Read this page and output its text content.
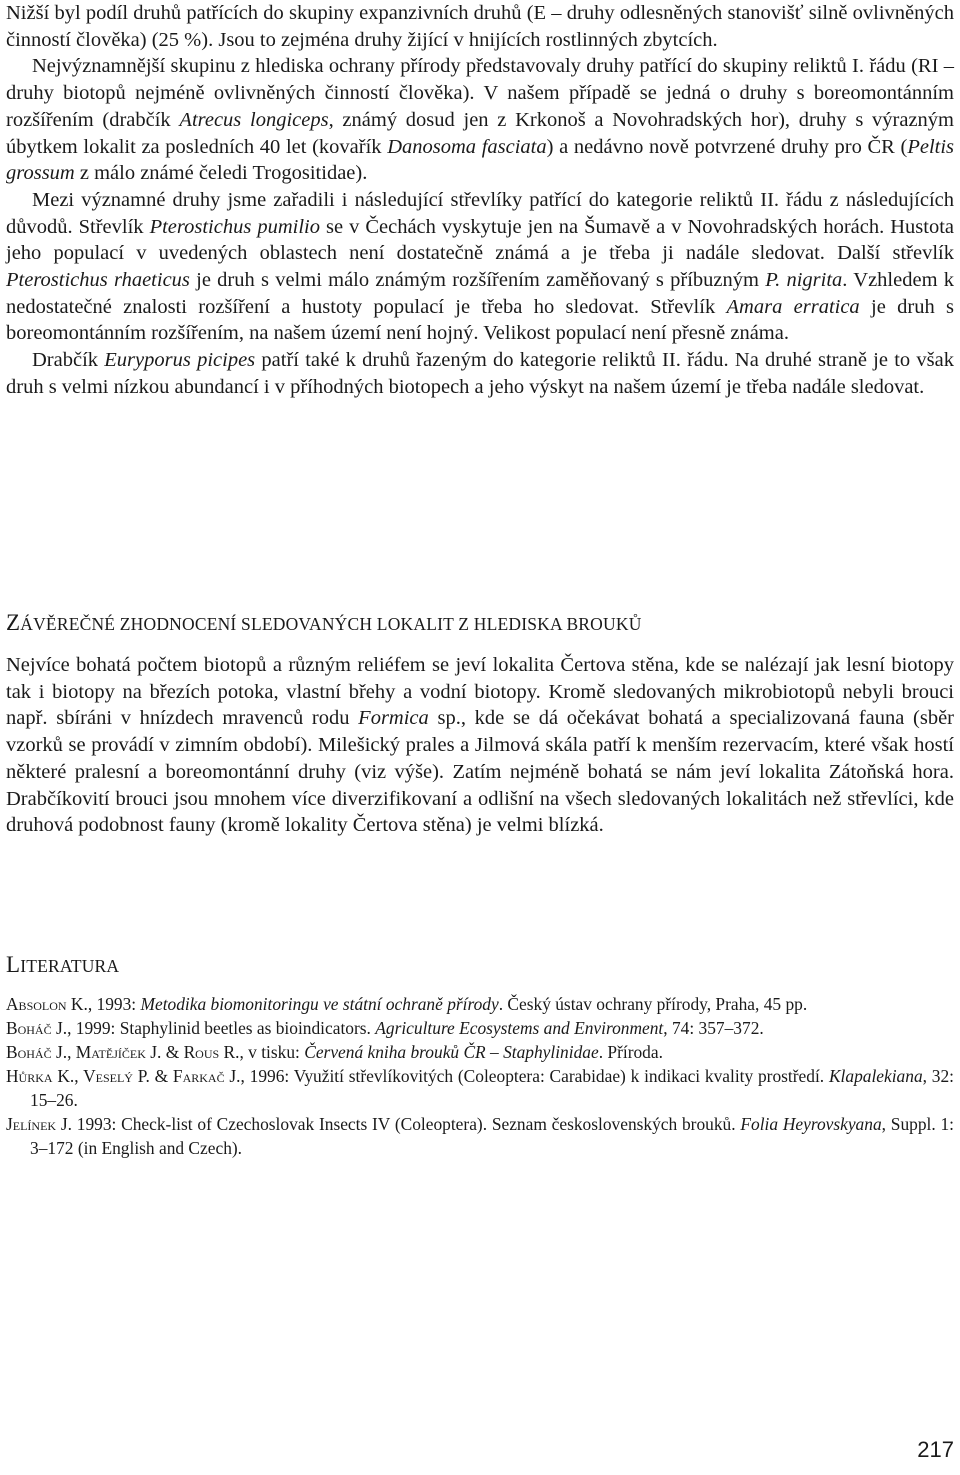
Nižší byl podíl druhů patřících do skupiny expanzivních druhů (E – druhy odlesněných stanovišť silně ovlivněných činností člověka) (25 %). Jsou to zejména druhy žijící v hnijících rostlinných zbytcích.

Nejvýznamnější skupinu z hlediska ochrany přírody představovaly druhy patřící do skupiny reliktů I. řádu (RI – druhy biotopů nejméně ovlivněných činností člověka). V našem případě se jedná o druhy s boreomontánním rozšířením (drabčík Atrecus longiceps, známý dosud jen z Krkonoš a Novohradských hor), druhy s výrazným úbytkem lokalit za posledních 40 let (kovařík Danosoma fasciata) a nedávno nově potvrzené druhy pro ČR (Peltis grossum z málo známé čeledi Trogositidae).

Mezi významné druhy jsme zařadili i následující střevlíky patřící do kategorie reliktů II. řádu z následujících důvodů. Střevlík Pterostichus pumilio se v Čechách vyskytuje jen na Šumavě a v Novohradských horách. Hustota jeho populací v uvedených oblastech není dostatečně známá a je třeba ji nadále sledovat. Další střevlík Pterostichus rhaeticus je druh s velmi málo známým rozšířením zaměňovaný s příbuzným P. nigrita. Vzhledem k nedostatečné znalosti rozšíření a hustoty populací je třeba ho sledovat. Střevlík Amara erratica je druh s boreomontánním rozšířením, na našem území není hojný. Velikost populací není přesně známa.

Drabčík Euryporus picipes patří také k druhů řazeným do kategorie reliktů II. řádu. Na druhé straně je to však druh s velmi nízkou abundancí i v příhodných biotopech a jeho výskyt na našem území je třeba nadále sledovat.

ZÁVĚREČNÉ ZHODNOCENÍ SLEDOVANÝCH LOKALIT Z HLEDISKA BROUKŮ

Nejvíce bohatá počtem biotopů a různým reliéfem se jeví lokalita Čertova stěna, kde se nalézají jak lesní biotopy tak i biotopy na březích potoka, vlastní břehy a vodní biotopy. Kromě sledovaných mikrobiotopů nebyli brouci např. sbíráni v hnízdech mravenců rodu Formica sp., kde se dá očekávat bohatá a specializovaná fauna (sběr vzorků se provádí v zimním období). Milešický prales a Jilmová skála patří k menším rezervacím, které však hostí některé pralesní a boreomontánní druhy (viz výše). Zatím nejméně bohatá se nám jeví lokalita Zátoňská hora. Drabčíkovití brouci jsou mnohem více diverzifikovaní a odlišní na všech sledovaných lokalitách než střevlíci, kde druhová podobnost fauny (kromě lokality Čertova stěna) je velmi blízká.

LITERATURA

Absolon K., 1993: Metodika biomonitoringu ve státní ochraně přírody. Český ústav ochrany přírody, Praha, 45 pp.

Boháč J., 1999: Staphylinid beetles as bioindicators. Agriculture Ecosystems and Environment, 74: 357–372.

Boháč J., Matějíček J. & Rous R., v tisku: Červená kniha brouků ČR – Staphylinidae. Příroda.

Hůrka K., Veselý P. & Farkač J., 1996: Využití střevlíkovitých (Coleoptera: Carabidae) k indikaci kvality prostředí. Klapalekiana, 32: 15–26.

Jelínek J. 1993: Check-list of Czechoslovak Insects IV (Coleoptera). Seznam československých brouků. Folia Heyrovskyana, Suppl. 1: 3–172 (in English and Czech).

217
